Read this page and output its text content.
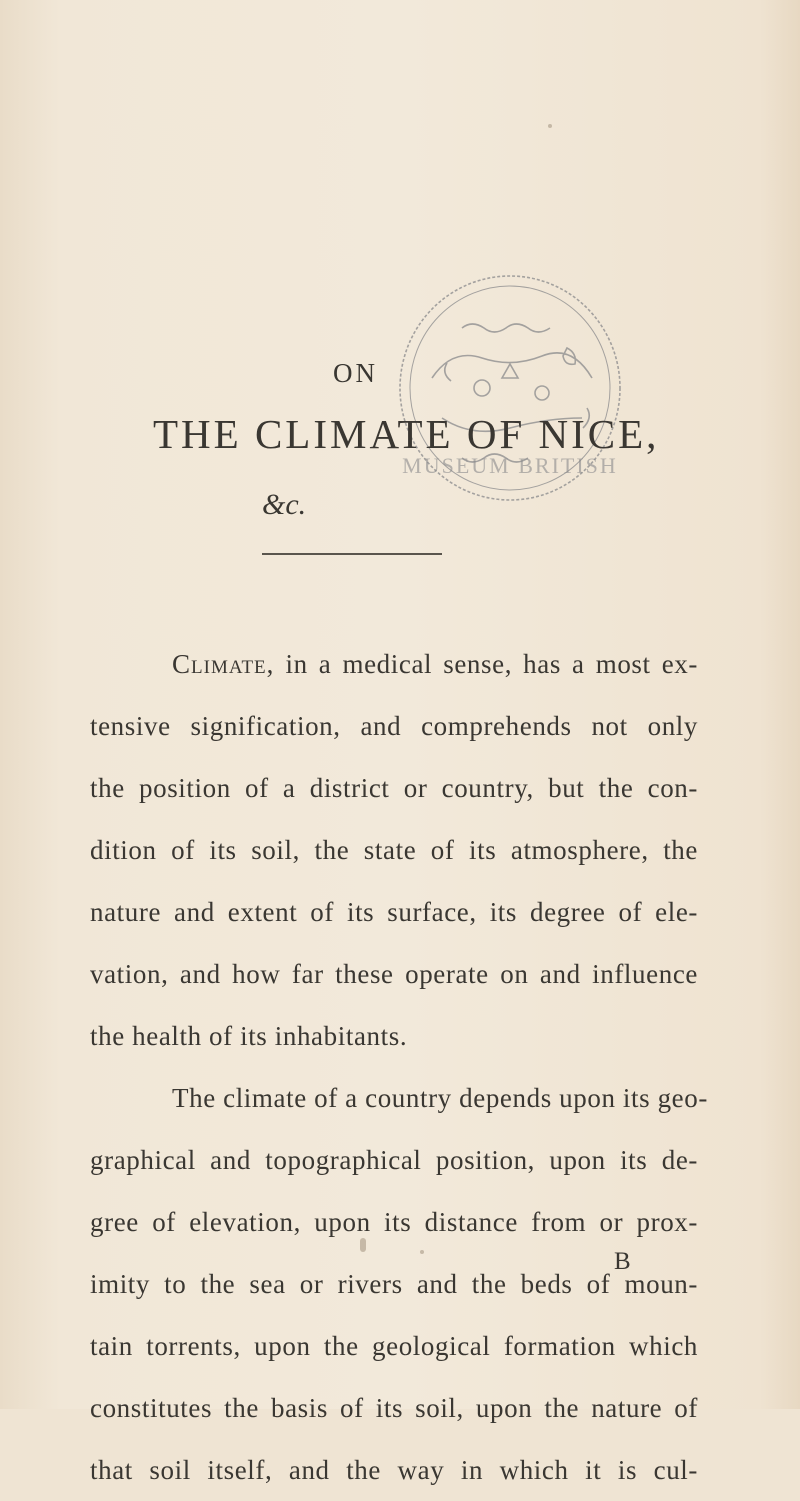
MUSEUM BRITISH
ON
THE CLIMATE OF NICE,
&c.
Climate, in a medical sense, has a most ex-
tensive signification, and comprehends not only
the position of a district or country, but the con-
dition of its soil, the state of its atmosphere, the
nature and extent of its surface, its degree of ele-
vation, and how far these operate on and influence
the health of its inhabitants.
The climate of a country depends upon its geo-
graphical and topographical position, upon its de-
gree of elevation, upon its distance from or prox-
imity to the sea or rivers and the beds of moun-
tain torrents, upon the geological formation which
constitutes the basis of its soil, upon the nature of
that soil itself, and the way in which it is cul-
B
